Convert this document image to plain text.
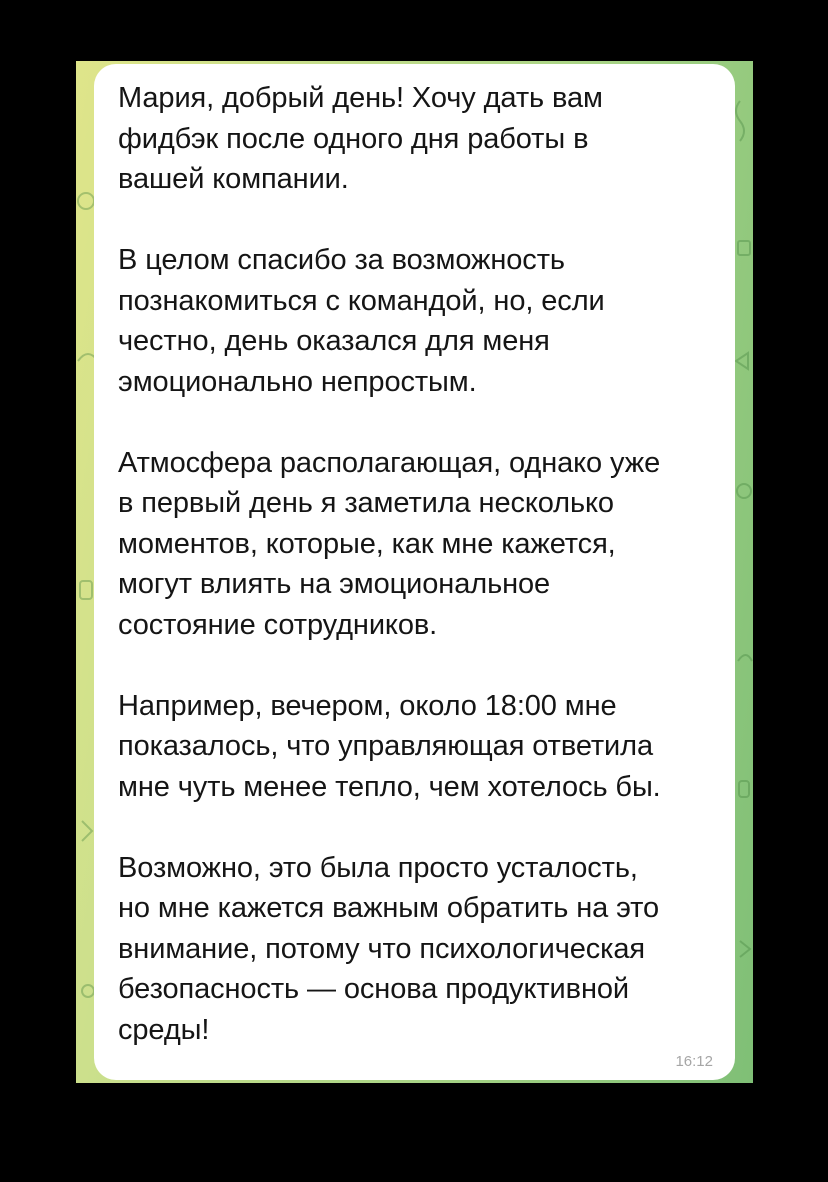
Мария, добрый день! Хочу дать вам
фидбэк после одного дня работы в
вашей компании.

В целом спасибо за возможность
познакомиться с командой, но, если
честно, день оказался для меня
эмоционально непростым.

Атмосфера располагающая, однако уже
в первый день я заметила несколько
моментов, которые, как мне кажется,
могут влиять на эмоциональное
состояние сотрудников.

Например, вечером, около 18:00 мне
показалось, что управляющая ответила
мне чуть менее тепло, чем хотелось бы.

Возможно, это была просто усталость,
но мне кажется важным обратить на это
внимание, потому что психологическая
безопасность — основа продуктивной
среды!

16:12
